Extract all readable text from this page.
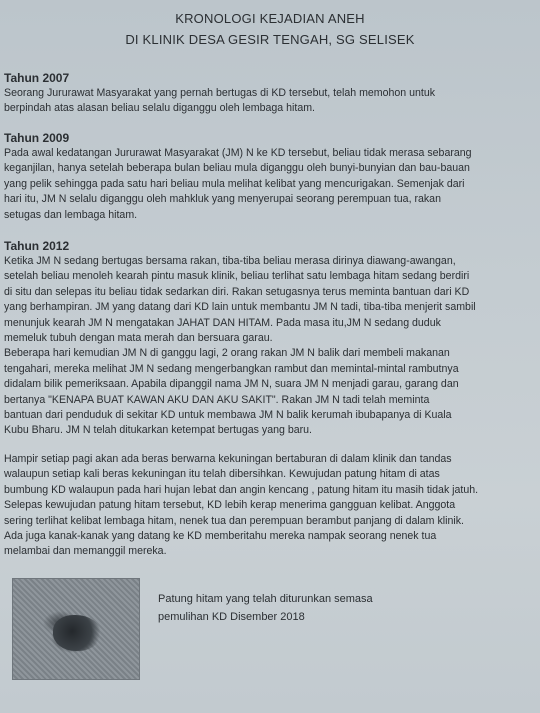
KRONOLOGI KEJADIAN ANEH
DI KLINIK DESA GESIR TENGAH, SG SELISEK
Tahun 2007

Seorang Jururawat Masyarakat yang pernah bertugas di KD tersebut, telah memohon untuk

berpindah atas alasan beliau selalu diganggu oleh lembaga hitam.

Tahun 2009

Pada awal kedatangan Jururawat Masyarakat (JM) N ke KD tersebut, beliau tidak merasa sebarang

keganjilan, hanya setelah beberapa bulan beliau mula diganggu oleh bunyi-bunyian dan bau-bauan

yang pelik sehingga pada satu hari beliau mula melihat kelibat yang mencurigakan. Semenjak dari

hari itu, JM N selalu diganggu oleh mahkluk yang menyerupai seorang perempuan tua, rakan

setugas dan lembaga hitam.

Tahun 2012

Ketika JM N sedang bertugas bersama rakan, tiba-tiba beliau merasa dirinya diawang-awangan,

setelah beliau menoleh kearah pintu masuk klinik, beliau terlihat satu lembaga hitam sedang berdiri

di situ dan selepas itu beliau tidak sedarkan diri. Rakan setugasnya terus meminta bantuan dari KD

yang berhampiran. JM yang datang dari KD lain untuk membantu JM N tadi, tiba-tiba menjerit sambil

menunjuk kearah JM N mengatakan JAHAT DAN HITAM. Pada masa itu,JM N sedang duduk

memeluk tubuh dengan mata merah dan bersuara garau.

Beberapa hari kemudian JM N di ganggu lagi, 2 orang rakan JM N balik dari membeli makanan

tengahari, mereka melihat JM N sedang mengerbangkan rambut dan memintal-mintal rambutnya

didalam bilik pemeriksaan. Apabila dipanggil nama JM N, suara JM N menjadi garau, garang dan

bertanya "KENAPA BUAT KAWAN AKU DAN AKU SAKIT". Rakan JM N tadi telah meminta

bantuan dari penduduk di sekitar KD untuk membawa JM N balik kerumah ibubapanya di Kuala

Kubu Bharu. JM N telah ditukarkan ketempat bertugas yang baru.

Hampir setiap pagi akan ada beras berwarna kekuningan bertaburan di dalam klinik dan tandas

walaupun setiap kali beras kekuningan itu telah dibersihkan. Kewujudan patung hitam di atas

bumbung KD walaupun pada hari hujan lebat dan angin kencang , patung hitam itu masih tidak jatuh.

Selepas kewujudan patung hitam tersebut, KD lebih kerap menerima gangguan kelibat. Anggota

sering terlihat kelibat lembaga hitam, nenek tua dan perempuan berambut panjang di dalam klinik.

Ada juga kanak-kanak yang datang ke KD memberitahu mereka nampak seorang nenek tua

melambai dan memanggil mereka.

Patung hitam yang telah diturunkan semasa
pemulihan KD Disember 2018
